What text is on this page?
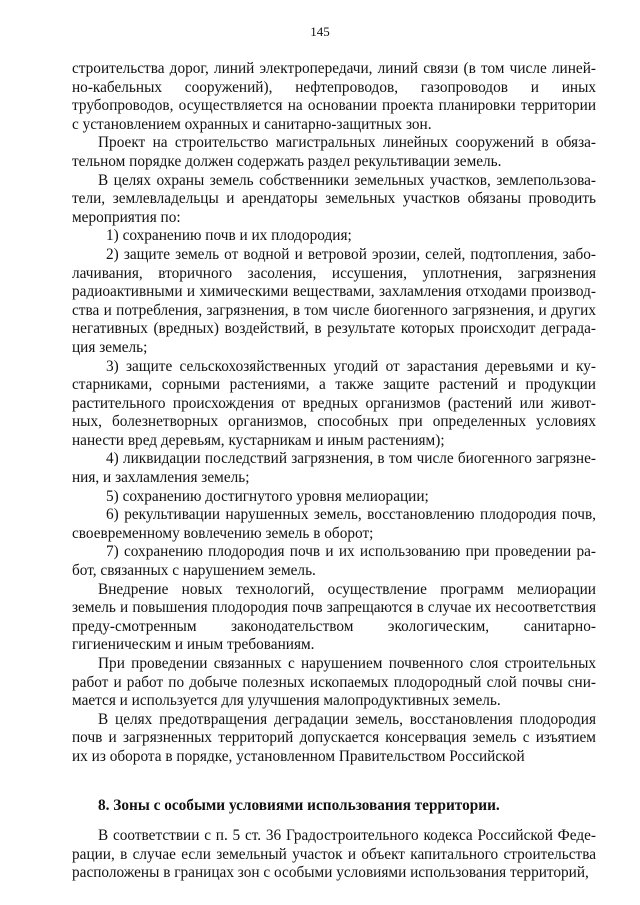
145

строительства дорог, линий электропередачи, линий связи (в том числе линей-но-кабельных сооружений), нефтепроводов, газопроводов и иных трубопроводов, осуществляется на основании проекта планировки территории с установлением охранных и санитарно-защитных зон.

Проект на строительство магистральных линейных сооружений в обяза-тельном порядке должен содержать раздел рекультивации земель.

В целях охраны земель собственники земельных участков, землепользова-тели, землевладельцы и арендаторы земельных участков обязаны проводить мероприятия по:

1) сохранению почв и их плодородия;

2) защите земель от водной и ветровой эрозии, селей, подтопления, забо-лачивания, вторичного засоления, иссушения, уплотнения, загрязнения радиоактивными и химическими веществами, захламления отходами производ-ства и потребления, загрязнения, в том числе биогенного загрязнения, и других негативных (вредных) воздействий, в результате которых происходит деграда-ция земель;

3) защите сельскохозяйственных угодий от зарастания деревьями и ку-старниками, сорными растениями, а также защите растений и продукции растительного происхождения от вредных организмов (растений или живот-ных, болезнетворных организмов, способных при определенных условиях нанести вред деревьям, кустарникам и иным растениям);

4) ликвидации последствий загрязнения, в том числе биогенного загрязне-ния, и захламления земель;

5) сохранению достигнутого уровня мелиорации;

6) рекультивации нарушенных земель, восстановлению плодородия почв, своевременному вовлечению земель в оборот;

7) сохранению плодородия почв и их использованию при проведении ра-бот, связанных с нарушением земель.

Внедрение новых технологий, осуществление программ мелиорации земель и повышения плодородия почв запрещаются в случае их несоответствия преду-смотренным законодательством экологическим, санитарно-гигиеническим и иным требованиям.

При проведении связанных с нарушением почвенного слоя строительных работ и работ по добыче полезных ископаемых плодородный слой почвы сни-мается и используется для улучшения малопродуктивных земель.

В целях предотвращения деградации земель, восстановления плодородия почв и загрязненных территорий допускается консервация земель с изъятием их из оборота в порядке, установленном Правительством Российской

8. Зоны с особыми условиями использования территории.

В соответствии с п. 5 ст. 36 Градостроительного кодекса Российской Феде-рации, в случае если земельный участок и объект капитального строительства расположены в границах зон с особыми условиями использования территорий,
